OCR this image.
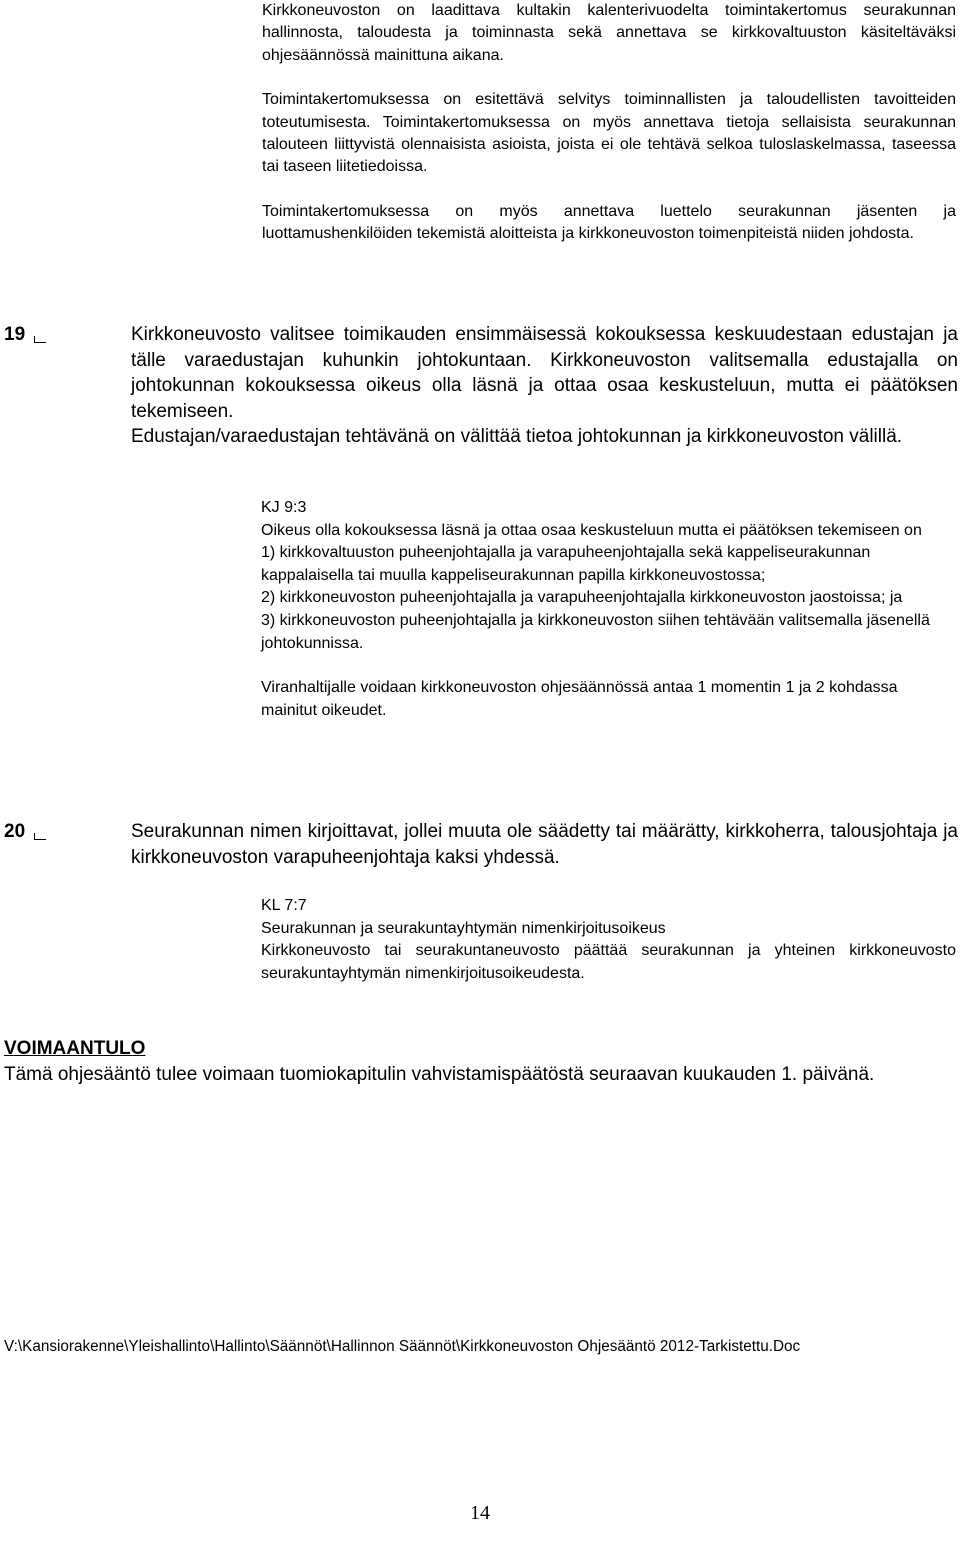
Kirkkoneuvoston on laadittava kultakin kalenterivuodelta toimintakertomus seurakunnan hallinnosta, taloudesta ja toiminnasta sekä annettava se kirkkovaltuuston käsiteltäväksi ohjesäännössä mainittuna aikana.

Toimintakertomuksessa on esitettävä selvitys toiminnallisten ja taloudellisten tavoitteiden toteutumisesta. Toimintakertomuksessa on myös annettava tietoja sellaisista seurakunnan talouteen liittyvistä olennaisista asioista, joista ei ole tehtävä selkoa tuloslaskelmassa, taseessa tai taseen liitetiedoissa.

Toimintakertomuksessa on myös annettava luettelo seurakunnan jäsenten ja luottamushenkilöiden tekemistä aloitteista ja kirkkoneuvoston toimenpiteistä niiden johdosta.

19	Kirkkoneuvosto valitsee toimikauden ensimmäisessä kokouksessa keskuudestaan edustajan ja tälle varaedustajan kuhunkin johtokuntaan. Kirkkoneuvoston valitsemalla edustajalla on johtokunnan kokouksessa oikeus olla läsnä ja ottaa osaa keskusteluun, mutta ei päätöksen tekemiseen.

Edustajan/varaedustajan tehtävänä on välittää tietoa johtokunnan ja kirkkoneuvoston välillä.

KJ 9:3

Oikeus olla kokouksessa läsnä ja ottaa osaa keskusteluun mutta ei päätöksen tekemiseen on

1) kirkkovaltuuston puheenjohtajalla ja varapuheenjohtajalla sekä kappeliseurakunnan kappalaisella tai muulla kappeliseurakunnan papilla kirkkoneuvostossa;

2) kirkkoneuvoston puheenjohtajalla ja varapuheenjohtajalla kirkkoneuvoston jaostoissa; ja

3) kirkkoneuvoston puheenjohtajalla ja kirkkoneuvoston siihen tehtävään valitsemalla jäsenellä johtokunnissa.

Viranhaltijalle voidaan kirkkoneuvoston ohjesäännössä antaa 1 momentin 1 ja 2 kohdassa mainitut oikeudet.

20	Seurakunnan nimen kirjoittavat, jollei muuta ole säädetty tai määrätty, kirkkoherra, talousjohtaja ja kirkkoneuvoston varapuheenjohtaja kaksi yhdessä.

KL 7:7

Seurakunnan ja seurakuntayhtymän nimenkirjoitusoikeus

Kirkkoneuvosto tai seurakuntaneuvosto päättää seurakunnan ja yhteinen kirkkoneuvosto seurakuntayhtymän nimenkirjoitusoikeudesta.

VOIMAANTULO
Tämä ohjesääntö tulee voimaan tuomiokapitulin vahvistamispäätöstä seuraavan kuukauden 1. päivänä.
V:\Kansiorakenne\Yleishallinto\Hallinto\Säännöt\Hallinnon Säännöt\Kirkkoneuvoston Ohjesääntö 2012-Tarkistettu.Doc
14
